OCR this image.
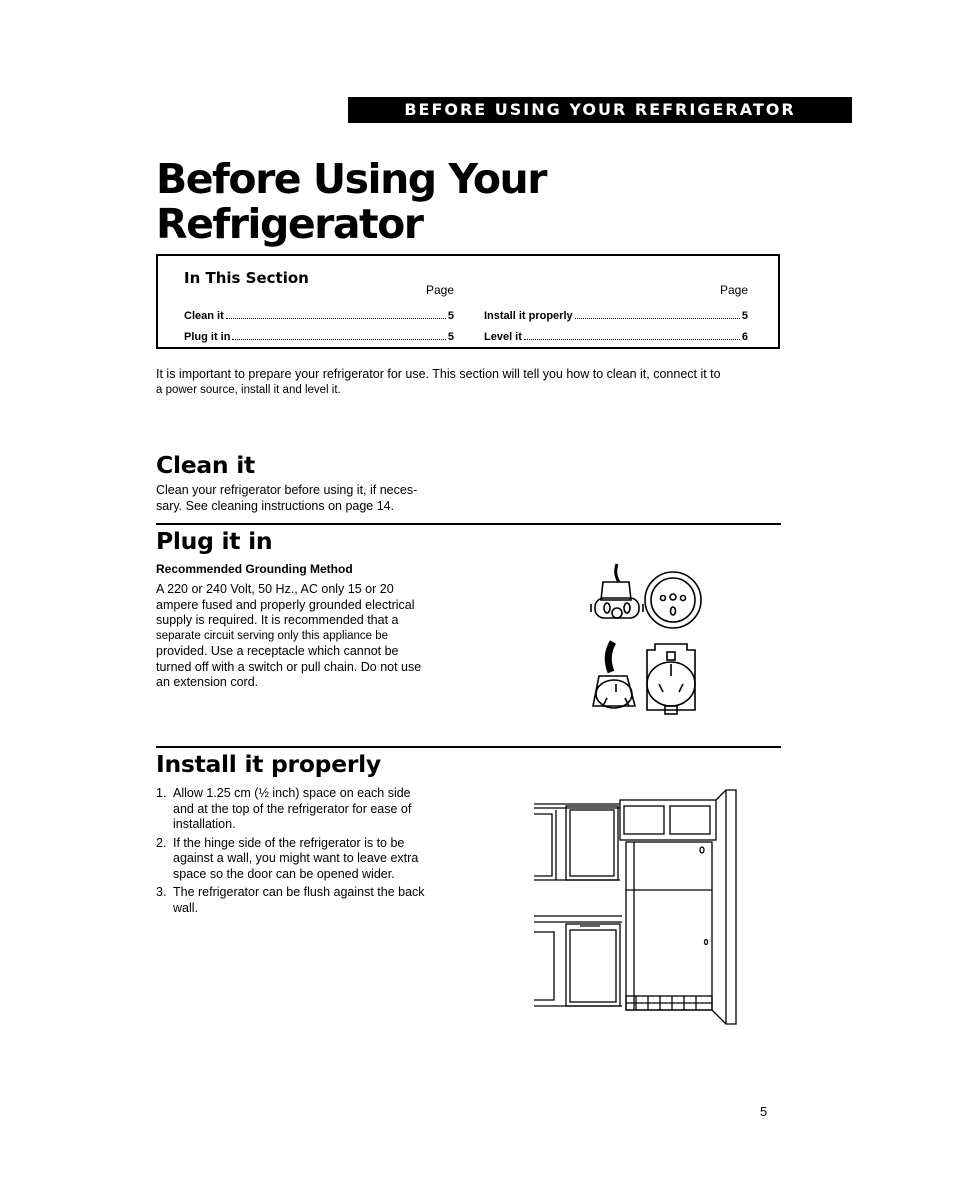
BEFORE USING YOUR REFRIGERATOR
Before Using Your
Refrigerator
In This Section
Page
Clean it	5
Plug it in	5
Page
Install it properly	5
Level it	6
It is important to prepare your refrigerator for use. This section will tell you how to clean it, connect it to
a power source, install it and level it.
Clean it
Clean your refrigerator before using it, if neces-
sary. See cleaning instructions on page 14.
Plug it in
Recommended Grounding Method
A 220 or 240 Volt, 50 Hz., AC only 15 or 20
ampere fused and properly grounded electrical
supply is required. It is recommended that a
separate circuit serving only this appliance be
provided. Use a receptacle which cannot be
turned off with a switch or pull chain. Do not use
an extension cord.
Install it properly
1. Allow 1.25 cm (½ inch) space on each side
and at the top of the refrigerator for ease of
installation.
2. If the hinge side of the refrigerator is to be
against a wall, you might want to leave extra
space so the door can be opened wider.
3. The refrigerator can be flush against the back
wall.
5
